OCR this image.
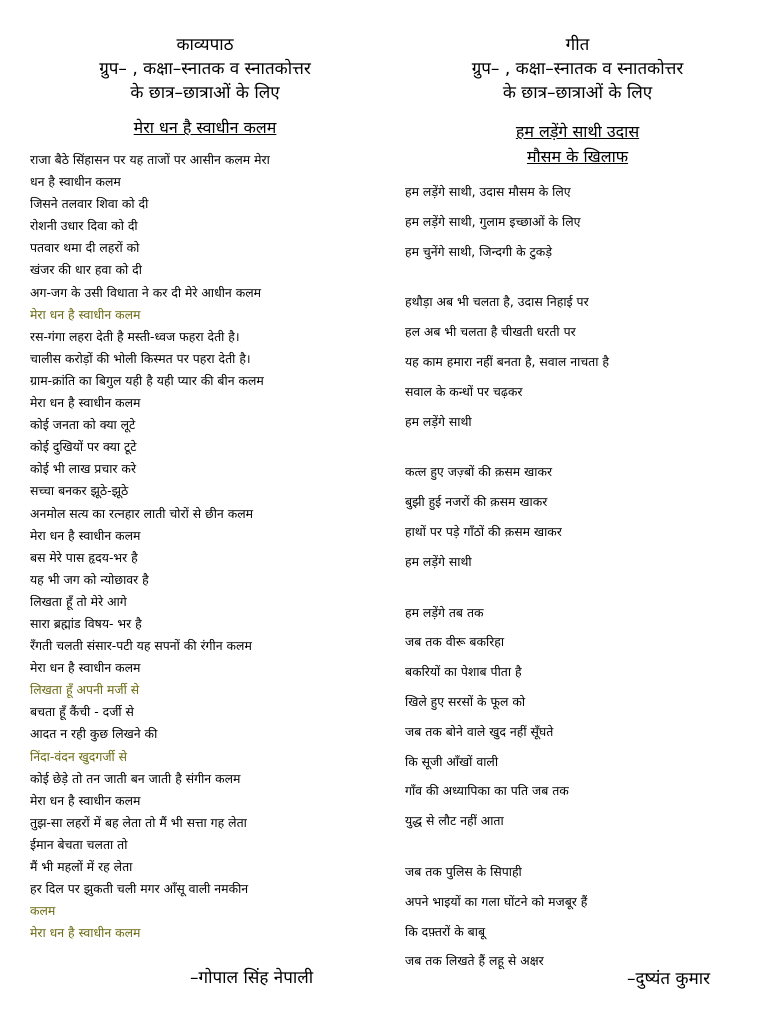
काव्यपाठ
ग्रुप– , कक्षा–स्नातक व स्नातकोत्तर
के छात्र–छात्राओं के लिए
मेरा धन है स्वाधीन कलम
राजा बैठे सिंहासन पर यह ताजों पर आसीन कलम मेरा
धन है स्वाधीन कलम
जिसने तलवार शिवा को दी
रोशनी उधार दिवा को दी
पतवार थमा दी लहरों को
खंजर की धार हवा को दी
अग-जग के उसी विधाता ने कर दी मेरे आधीन कलम
मेरा धन है स्वाधीन कलम
रस-गंगा लहरा देती है मस्ती-ध्वज फहरा देती है।
चालीस करोड़ों की भोली किस्मत पर पहरा देती है।
ग्राम-क्रांति का बिगुल यही है यही प्यार की बीन कलम
मेरा धन है स्वाधीन कलम
कोई जनता को क्या लूटे
कोई दुखियों पर क्या टूटे
कोई भी लाख प्रचार करे
सच्चा बनकर झूठे-झूठे
अनमोल सत्य का रत्नहार लाती चोरों से छीन कलम
मेरा धन है स्वाधीन कलम
बस मेरे पास हृदय-भर है
यह भी जग को न्योछावर है
लिखता हूँ तो मेरे आगे
सारा ब्रह्मांड विषय- भर है
रँगती चलती संसार-पटी यह सपनों की रंगीन कलम
मेरा धन है स्वाधीन कलम
लिखता हूँ अपनी मर्जी से
बचता हूँ कैंची - दर्जी से
आदत न रही कुछ लिखने की
निंदा-वंदन खुदगर्जी से
कोई छेड़े तो तन जाती बन जाती है संगीन कलम
मेरा धन है स्वाधीन कलम
तुझ-सा लहरों में बह लेता तो मैं भी सत्ता गह लेता
ईमान बेचता चलता तो
मैं भी महलों में रह लेता
हर दिल पर झुकती चली मगर आँसू वाली नमकीन
कलम
मेरा धन है स्वाधीन कलम
–गोपाल सिंह नेपाली
गीत
ग्रुप– , कक्षा–स्नातक व स्नातकोत्तर
के छात्र–छात्राओं के लिए
हम लड़ेंगे साथी उदास
मौसम के खिलाफ
हम लड़ेंगे साथी, उदास मौसम के लिए
हम लड़ेंगे साथी, गुलाम इच्छाओं के लिए
हम चुनेंगे साथी, जिन्दगी के टुकड़े
हथौड़ा अब भी चलता है, उदास निहाई पर
हल अब भी चलता है चीखती धरती पर
यह काम हमारा नहीं बनता है, सवाल नाचता है
सवाल के कन्धों पर चढ़कर
हम लड़ेंगे साथी
कत्ल हुए जज़्बों की क़सम खाकर
बुझी हुई नजरों की क़सम खाकर
हाथों पर पड़े गाँठों की क़सम खाकर
हम लड़ेंगे साथी
हम लड़ेंगे तब तक
जब तक वीरू बकरिहा
बकरियों का पेशाब पीता है
खिले हुए सरसों के फूल को
जब तक बोने वाले खुद नहीं सूँघते
कि सूजी आँखों वाली
गाँव की अध्यापिका का पति जब तक
युद्ध से लौट नहीं आता
जब तक पुलिस के सिपाही
अपने भाइयों का गला घोंटने को मजबूर हैं
कि दफ़्तरों के बाबू
जब तक लिखते हैं लहू से अक्षर
–दुष्यंत कुमार
